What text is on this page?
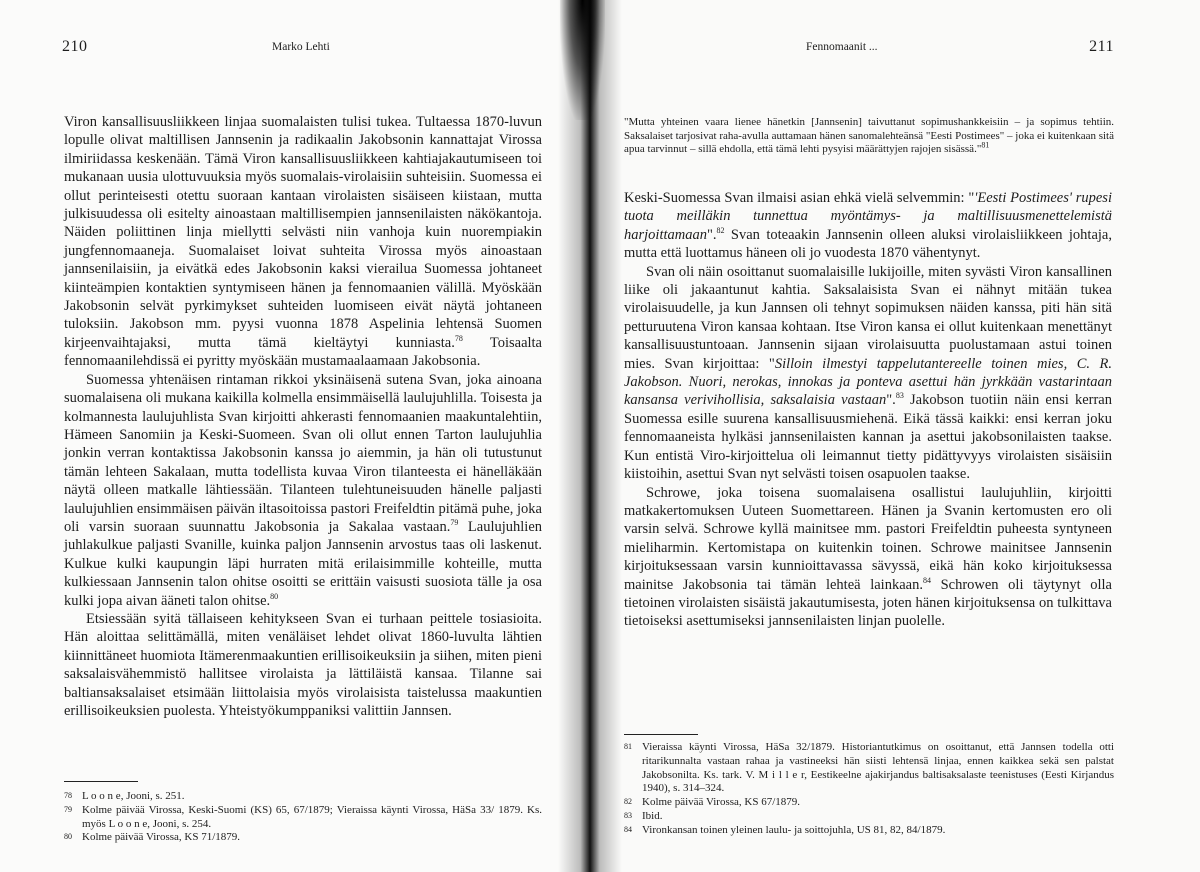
210	Marko Lehti

Viron kansallisuusliikkeen linjaa suomalaisten tulisi tukea. Tultaessa 1870-luvun lopulle olivat maltillisen Jannsenin ja radikaalin Jakobsonin kannattajat Virossa ilmiriidassa keskenään. Tämä Viron kansallisuusliikkeen kahtiajakautumiseen toi mukanaan uusia ulottuvuuksia myös suomalais-virolaisiin suhteisiin. Suomessa ei ollut perinteisesti otettu suoraan kantaan virolaisten sisäiseen kiistaan, mutta julkisuudessa oli esitelty ainoastaan maltillisempien jannsenilaisten näkökantoja. Näiden poliittinen linja miellytti selvästi niin vanhoja kuin nuorempiakin jungfennomaaneja. Suomalaiset loivat suhteita Virossa myös ainoastaan jannsenilaisiin, ja eivätkä edes Jakobsonin kaksi vierailua Suomessa johtaneet kiinteämpien kontaktien syntymiseen hänen ja fennomaanien välillä. Myöskään Jakobsonin selvät pyrkimykset suhteiden luomiseen eivät näytä johtaneen tuloksiin. Jakobson mm. pyysi vuonna 1878 Aspelinia lehtensä Suomen kirjeenvaihtajaksi, mutta tämä kieltäytyi kunniasta.$^{78}$ Toisaalta fennomaanilehdissä ei pyritty myöskään mustamaalaamaan Jakobsonia.

Suomessa yhtenäisen rintaman rikkoi yksinäisenä sutena Svan, joka ainoana suomalaisena oli mukana kaikilla kolmella ensimmäisellä laulujuhlilla. Toisesta ja kolmannesta laulujuhlista Svan kirjoitti ahkerasti fennomaanien maakuntalehtiin, Hämeen Sanomiin ja Keski-Suomeen. Svan oli ollut ennen Tarton laulujuhlia jonkin verran kontaktissa Jakobsonin kanssa jo aiemmin, ja hän oli tutustunut tämän lehteen Sakalaan, mutta todellista kuvaa Viron tilanteesta ei hänelläkään näytä olleen matkalle lähtiessään. Tilanteen tulehtuneisuuden hänelle paljasti laulujuhlien ensimmäisen päivän iltasoitoissa pastori Freifeldtin pitämä puhe, joka oli varsin suoraan suunnattu Jakobsonia ja Sakalaa vastaan.$^{79}$ Laulujuhlien juhlakulkue paljasti Svanille, kuinka paljon Jannsenin arvostus taas oli laskenut. Kulkue kulki kaupungin läpi hurraten mitä erilaisimmille kohteille, mutta kulkiessaan Jannsenin talon ohitse osoitti se erittäin vaisusti suosiota tälle ja osa kulki jopa aivan ääneti talon ohitse.$^{80}$

Etsiessään syitä tällaiseen kehitykseen Svan ei turhaan peittele tosiasioita. Hän aloittaa selittämällä, miten venäläiset lehdet olivat 1860-luvulta lähtien kiinnittäneet huomiota Itämerenmaakuntien erillisoikeuksiin ja siihen, miten pieni saksalaisvähemmistö hallitsee virolaista ja lättiläistä kansaa. Tilanne sai baltiansaksalaiset etsimään liittolaisia myös virolaisista taistelussa maakuntien erillisoikeuksien puolesta. Yhteistyökumppaniksi valittiin Jannsen.

78 L o o n e, Jooni, s. 251.
79 Kolme päivää Virossa, Keski-Suomi (KS) 65, 67/1879; Vieraissa käynti Virossa, HäSa 33/ 1879. Ks. myös L o o n e, Jooni, s. 254.
80 Kolme päivää Virossa, KS 71/1879.
211
Fennomaanit ...

"Mutta yhteinen vaara lienee hänetkin [Jannsenin] taivuttanut sopimushankkeisiin – ja sopimus tehtiin. Saksalaiset tarjosivat raha-avulla auttamaan hänen sanomalehteänsä "Eesti Postimees" – joka ei kuitenkaan sitä apua tarvinnut – sillä ehdolla, että tämä lehti pysyisi määrättyjen rajojen sisässä."$^{81}$

Keski-Suomessa Svan ilmaisi asian ehkä vielä selvemmin: "'Eesti Postimees' rupesi tuota meilläkin tunnettua myöntämys- ja maltillisuusmenettelemistä harjoittamaan".$^{82}$ Svan toteaakin Jannsenin olleen aluksi virolaisliikkeen johtaja, mutta että luottamus häneen oli jo vuodesta 1870 vähentynyt.

Svan oli näin osoittanut suomalaisille lukijoille, miten syvästi Viron kansallinen liike oli jakaantunut kahtia. Saksalaisista Svan ei nähnyt mitään tukea virolaisuudelle, ja kun Jannsen oli tehnyt sopimuksen näiden kanssa, piti hän sitä petturuutena Viron kansaa kohtaan. Itse Viron kansa ei ollut kuitenkaan menettänyt kansallisuustuntoaan. Jannsenin sijaan virolaisuutta puolustamaan astui toinen mies. Svan kirjoittaa: "Silloin ilmestyi tappelutantereelle toinen mies, C. R. Jakobson. Nuori, nerokas, innokas ja ponteva asettui hän jyrkkään vastarintaan kansansa verivihollisia, saksalaisia vastaan".$^{83}$ Jakobson tuotiin näin ensi kerran Suomessa esille suurena kansallisuusmiehenä. Eikä tässä kaikki: ensi kerran joku fennomaaneista hylkäsi jannsenilaisten kannan ja asettui jakobsonilaisten taakse. Kun entistä Viro-kirjoittelua oli leimannut tietty pidättyvyys virolaisten sisäisiin kiistoihin, asettui Svan nyt selvästi toisen osapuolen taakse.

Schrowe, joka toisena suomalaisena osallistui laulujuhliin, kirjoitti matkakertomuksen Uuteen Suomettareen. Hänen ja Svanin kertomusten ero oli varsin selvä. Schrowe kyllä mainitsee mm. pastori Freifeldtin puheesta syntyneen mieliharmin. Kertomistapa on kuitenkin toinen. Schrowe mainitsee Jannsenin kirjoituksessaan varsin kunnioittavassa sävyssä, eikä hän koko kirjoituksessa mainitse Jakobsonia tai tämän lehteä lainkaan.$^{84}$ Schrowen oli täytynyt olla tietoinen virolaisten sisäistä jakautumisesta, joten hänen kirjoituksensa on tulkittava tietoiseksi asettumiseksi jannsenilaisten linjan puolelle.

81 Vieraissa käynti Virossa, HäSa 32/1879. Historiantutkimus on osoittanut, että Jannsen todella otti ritarikunnalta vastaan rahaa ja vastineeksi hän siisti lehtensä linjaa, ennen kaikkea sekä sen palstat Jakobsonilta. Ks. tark. V. M i l l e r, Eestikeelne ajakirjandus baltisaksalaste teenistuses (Eesti Kirjandus 1940), s. 314–324.
82 Kolme päivää Virossa, KS 67/1879.
83 Ibid.
84 Vironkansan toinen yleinen laulu- ja soittojuhla, US 81, 82, 84/1879.
